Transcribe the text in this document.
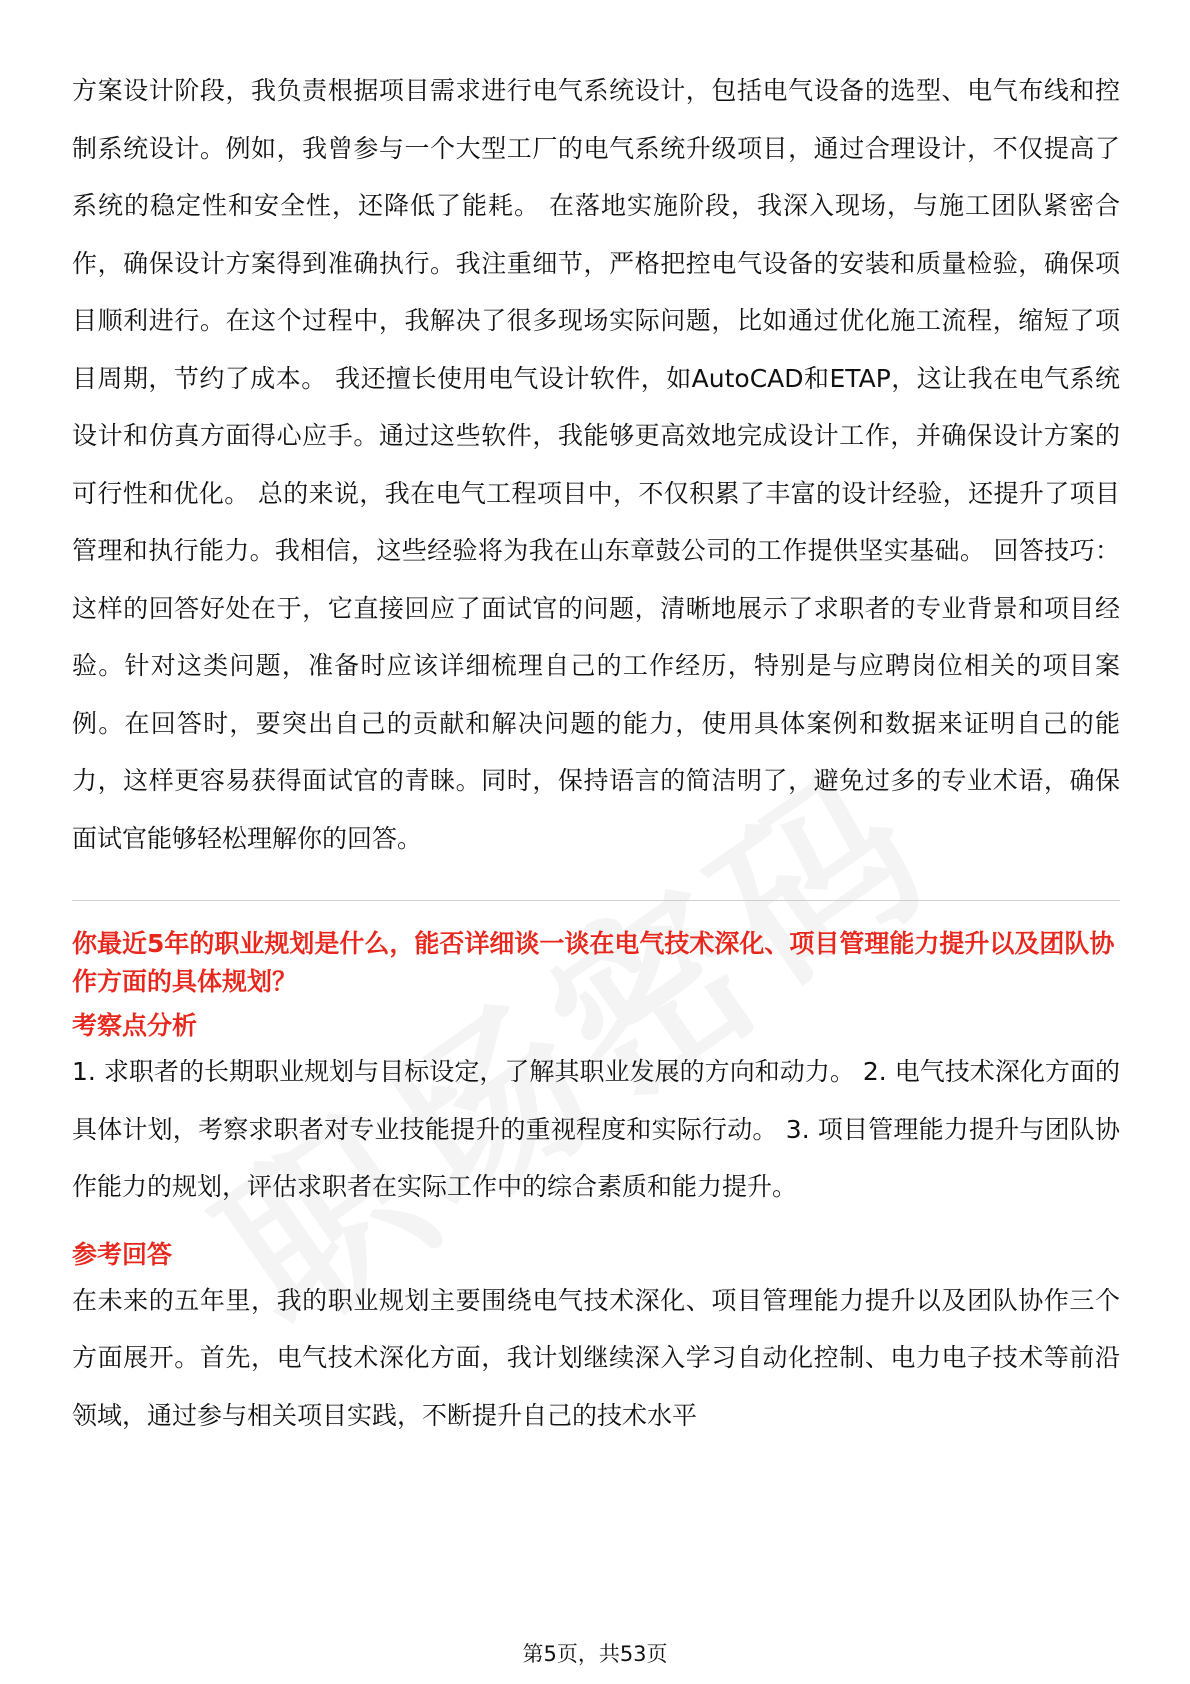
方案设计阶段，我负责根据项目需求进行电气系统设计，包括电气设备的选型、电气布线和控制系统设计。例如，我曾参与一个大型工厂的电气系统升级项目，通过合理设计，不仅提高了系统的稳定性和安全性，还降低了能耗。 在落地实施阶段，我深入现场，与施工团队紧密合作，确保设计方案得到准确执行。我注重细节，严格把控电气设备的安装和质量检验，确保项目顺利进行。在这个过程中，我解决了很多现场实际问题，比如通过优化施工流程，缩短了项目周期，节约了成本。 我还擅长使用电气设计软件，如AutoCAD和ETAP，这让我在电气系统设计和仿真方面得心应手。通过这些软件，我能够更高效地完成设计工作，并确保设计方案的可行性和优化。 总的来说，我在电气工程项目中，不仅积累了丰富的设计经验，还提升了项目管理和执行能力。我相信，这些经验将为我在山东章鼓公司的工作提供坚实基础。 回答技巧： 这样的回答好处在于，它直接回应了面试官的问题，清晰地展示了求职者的专业背景和项目经验。针对这类问题，准备时应该详细梳理自己的工作经历，特别是与应聘岗位相关的项目案例。在回答时，要突出自己的贡献和解决问题的能力，使用具体案例和数据来证明自己的能力，这样更容易获得面试官的青睐。同时，保持语言的简洁明了，避免过多的专业术语，确保面试官能够轻松理解你的回答。

你最近5年的职业规划是什么，能否详细谈一谈在电气技术深化、项目管理能力提升以及团队协作方面的具体规划？

考察点分析

1. 求职者的长期职业规划与目标设定，了解其职业发展的方向和动力。 2. 电气技术深化方面的具体计划，考察求职者对专业技能提升的重视程度和实际行动。 3. 项目管理能力提升与团队协作能力的规划，评估求职者在实际工作中的综合素质和能力提升。

参考回答

在未来的五年里，我的职业规划主要围绕电气技术深化、项目管理能力提升以及团队协作三个方面展开。首先，电气技术深化方面，我计划继续深入学习自动化控制、电力电子技术等前沿领域，通过参与相关项目实践，不断提升自己的技术水平

第5页，共53页
